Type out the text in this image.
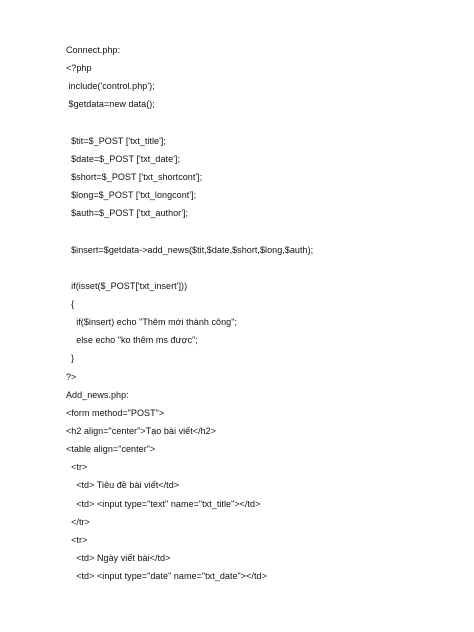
Connect.php:
<?php
include('control.php');
$getdata=new data();
$tit=$_POST ['txt_title'];
$date=$_POST ['txt_date'];
$short=$_POST ['txt_shortcont'];
$long=$_POST ['txt_longcont'];
$auth=$_POST ['txt_author'];
$insert=$getdata->add_news($tit,$date,$short,$long,$auth);
if(isset($_POST['txt_insert']))
{
if($insert) echo "Thêm mới thành công";
else echo "ko thêm ms được";
}
?>
Add_news.php:
<form method="POST">
<h2 align="center">Tạo bài viết</h2>
<table align="center">
<tr>
<td> Tiêu đề bài viết</td>
<td> <input type="text" name="txt_title"></td>
</tr>
<tr>
<td> Ngày viết bài</td>
<td> <input type="date" name="txt_date"></td>
